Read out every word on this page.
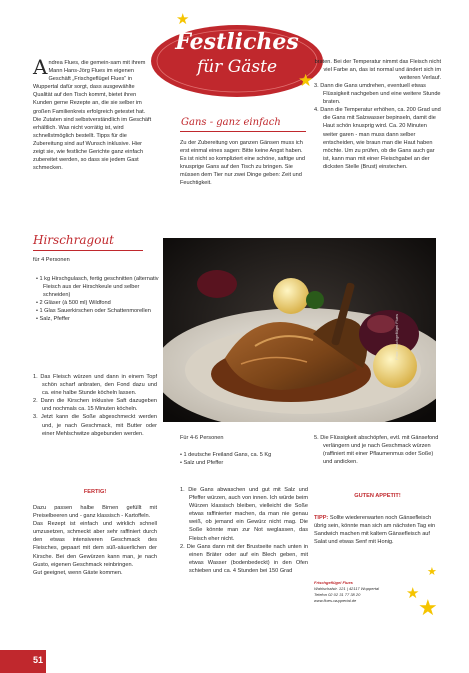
Festliches
für Gäste
★
★
A ndrea Flues, die gemein-sam mit ihrem Mann Hans-Jörg Flues im eigenen Geschäft „Frischgeflügel Flues“ in Wuppertal dafür sorgt, dass ausgewählte Qualität auf den Tisch kommt, bietet ihren Kunden gerne Rezepte an, die sie selber im großen Familienkreis erfolgreich getestet hat. Die Zutaten sind selbstverständlich im Geschäft erhältlich. Was nicht vorrätig ist, wird schnellstmöglich bestellt. Tipps für die Zubereitung sind auf Wunsch inklusive. Hier zeigt sie, wie festliche Gerichte ganz einfach zubereitet werden, so dass sie jedem Gast schmecken.
Gans - ganz einfach
Zu der Zubereitung von ganzen Gänsen muss ich erst einmal eines sagen: Bitte keine Angst haben. Es ist nicht so kompliziert eine schöne, saftige und knusprige Gans auf den Tisch zu bringen. Sie müssen dem Tier nur zwei Dinge geben: Zeit und Feuchtigkeit.
braten. Bei der Temperatur nimmt das Fleisch nicht viel Farbe an, das ist normal und ändert sich im weiteren Verlauf.
3. Dann die Gans umdrehen, eventuell etwas Flüssigkeit nachgeben und eine weitere Stunde braten.
4. Dann die Temperatur erhöhen, ca. 200 Grad und die Gans mit Salzwasser bepinseln, damit die Haut schön knusprig wird. Ca. 20 Minuten weiter garen - man muss dann selber entscheiden, wie braun man die Haut haben möchte. Um zu prüfen, ob die Gans auch gar ist, kann man mit einer Fleischgabel an der dicksten Stelle (Brust) einstechen.
Hirschragout
für 4 Personen
• 1 kg Hirschgulasch, fertig geschnitten (alternativ Fleisch aus der Hirschkeule und selber schneiden)
• 2 Gläser (à 500 ml) Wildfond
• 1 Glas Sauerkirschen oder Schattenmorellen
• Salz, Pfeffer	Foto: Frischgeflügel Flues
1. Das Fleisch würzen und dann in einem Topf schön scharf anbraten, den Fond dazu und ca. eine halbe Stunde köcheln lassen.
2. Dann die Kirschen inklusive Saft dazugeben und nochmals ca. 15 Minuten köcheln.
3. Jetzt kann die Soße abgeschmeckt werden und, je nach Geschmack, mit Butter oder einer Mehlschwitze abgebunden werden.
FERTIG!

Dazu passen halbe Birnen gefüllt mit Preiselbeeren und - ganz klassisch - Kartoffeln.

Das Rezept ist einfach und wirklich schnell umzusetzen, schmeckt aber sehr raffiniert durch den etwas intensiveren Geschmack des Fleisches, gepaart mit dem süß-säuerlichen der Kirsche. Bei den Gewürzen kann man, je nach Gusto, eigenen Geschmack reinbringen.

Gut geeignet, wenn Gäste kommen.

Für 4-6 Personen
• 1 deutsche Freiland Gans, ca. 5 Kg
• Salz und Pfeffer
1. Die Gans abwaschen und gut mit Salz und Pfeffer würzen, auch von innen. Ich würde beim Würzen klassisch bleiben, vielleicht die Soße etwas raffinierter machen, da man nie genau weiß, ob jemand ein Gewürz nicht mag. Die Soße könnte man zur Not weglassen, das Fleisch eher nicht.
2. Die Gans dann mit der Brustseite nach unten in einen Bräter oder auf ein Blech geben, mit etwas Wasser (bodenbedeckt) in den Ofen schieben und ca. 4 Stunden bei 150 Grad
5. Die Flüssigkeit abschöpfen, evtl. mit Gänsefond verlängern und je nach Geschmack würzen (raffiniert mit einer Pflaumenmus oder Soße) und andicken.
GUTEN APPETIT!
TIPP: Sollte wiedererwarten noch Gänsefleisch übrig sein, könnte man sich am nächsten Tag ein Sandwich machen mit kaltem Gänsefleisch auf Salat und etwas Senf mit Honig.
Frischgeflügel Flues
Wahlschalstr. 121 | 42117 Wuppertal
Telefon 02 02 31 77 38 20
www.flues-wuppertal.de
★
★
★
51
